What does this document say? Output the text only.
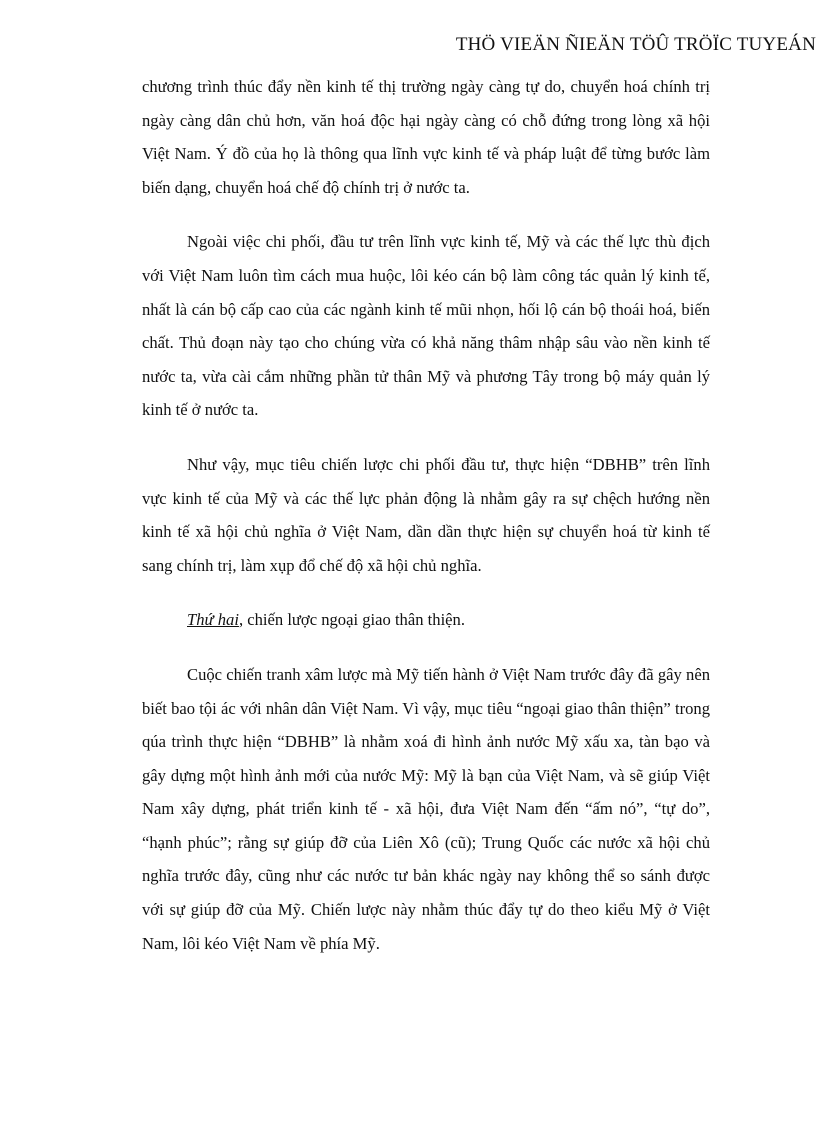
THÖ VIEÄN ÑIEÄN TÖÛ TRÖÏC TUYEÁN

chương trình thúc đẩy nền kinh tế thị trường ngày càng tự do, chuyển hoá chính trị ngày càng dân chủ hơn, văn hoá độc hại ngày càng có chỗ đứng trong lòng xã hội Việt Nam. Ý đồ của họ là thông qua lĩnh vực kinh tế và pháp luật để từng bước làm biến dạng, chuyển hoá chế độ chính trị ở nước ta.

Ngoài việc chi phối, đầu tư trên lĩnh vực kinh tế, Mỹ và các thế lực thù địch với Việt Nam luôn tìm cách mua huộc, lôi kéo cán bộ làm công tác quản lý kinh tế, nhất là cán bộ cấp cao của các ngành kinh tế mũi nhọn, hối lộ cán bộ thoái hoá, biến chất. Thủ đoạn này tạo cho chúng vừa có khả năng thâm nhập sâu vào nền kinh tế nước ta, vừa cài cắm những phần tử thân Mỹ và phương Tây trong bộ máy quản lý kinh tế ở nước ta.

Như vậy, mục tiêu chiến lược chi phối đầu tư, thực hiện “DBHB” trên lĩnh vực kinh tế của Mỹ và các thế lực phản động là nhằm gây ra sự chệch hướng nền kinh tế xã hội chủ nghĩa ở Việt Nam, dần dần thực hiện sự chuyển hoá từ kinh tế sang chính trị, làm xụp đổ chế độ xã hội chủ nghĩa.

Thứ hai, chiến lược ngoại giao thân thiện.

Cuộc chiến tranh xâm lược mà Mỹ tiến hành ở Việt Nam trước đây đã gây nên biết bao tội ác với nhân dân Việt Nam. Vì vậy, mục tiêu “ngoại giao thân thiện” trong qúa trình thực hiện “DBHB” là nhằm xoá đi hình ảnh nước Mỹ xấu xa, tàn bạo và gây dựng một hình ảnh mới của nước Mỹ: Mỹ là bạn của Việt Nam, và sẽ giúp Việt Nam xây dựng, phát triển kinh tế - xã hội, đưa Việt Nam đến “ấm nó”, “tự do”, “hạnh phúc”; rằng sự giúp đỡ của Liên Xô (cũ); Trung Quốc các nước xã hội chủ nghĩa trước đây, cũng như các nước tư bản khác ngày nay không thể so sánh được với sự giúp đỡ của Mỹ. Chiến lược này nhằm thúc đẩy tự do theo kiểu Mỹ ở Việt Nam, lôi kéo Việt Nam về phía Mỹ.
